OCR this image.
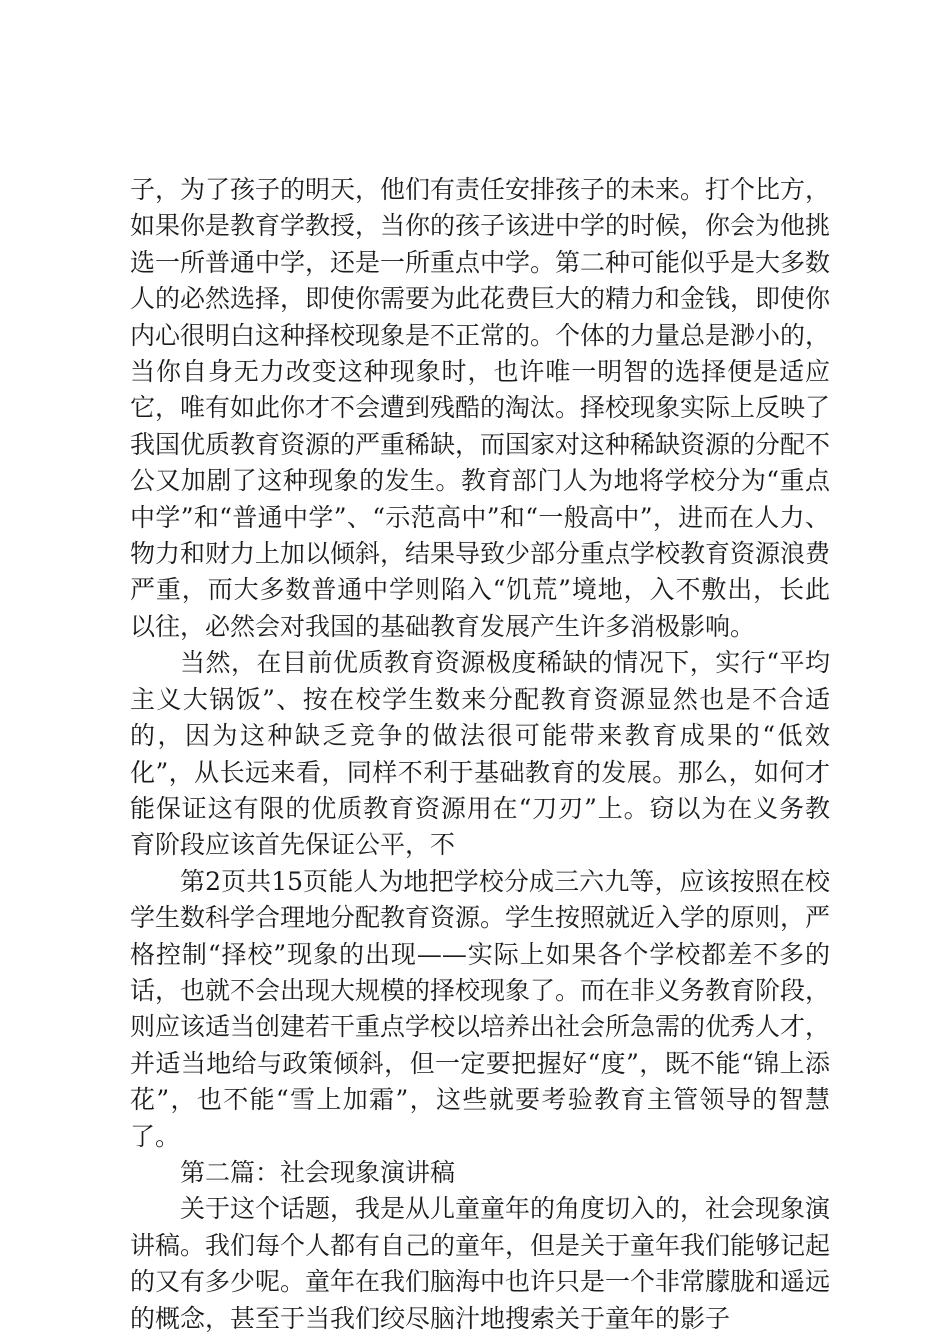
子，为了孩子的明天，他们有责任安排孩子的未来。打个比方，如果你是教育学教授，当你的孩子该进中学的时候，你会为他挑选一所普通中学，还是一所重点中学。第二种可能似乎是大多数人的必然选择，即使你需要为此花费巨大的精力和金钱，即使你内心很明白这种择校现象是不正常的。个体的力量总是渺小的，当你自身无力改变这种现象时，也许唯一明智的选择便是适应它，唯有如此你才不会遭到残酷的淘汰。择校现象实际上反映了我国优质教育资源的严重稀缺，而国家对这种稀缺资源的分配不公又加剧了这种现象的发生。教育部门人为地将学校分为“重点中学”和“普通中学”、“示范高中”和“一般高中”，进而在人力、物力和财力上加以倾斜，结果导致少部分重点学校教育资源浪费严重，而大多数普通中学则陷入“饥荒”境地，入不敷出，长此以往，必然会对我国的基础教育发展产生许多消极影响。

当然，在目前优质教育资源极度稀缺的情况下，实行“平均主义大锅饭”、按在校学生数来分配教育资源显然也是不合适的，因为这种缺乏竞争的做法很可能带来教育成果的“低效化”，从长远来看，同样不利于基础教育的发展。那么，如何才能保证这有限的优质教育资源用在“刀刃”上。窃以为在义务教育阶段应该首先保证公平，不

第2页共15页能人为地把学校分成三六九等，应该按照在校学生数科学合理地分配教育资源。学生按照就近入学的原则，严格控制“择校”现象的出现——实际上如果各个学校都差不多的话，也就不会出现大规模的择校现象了。而在非义务教育阶段，则应该适当创建若干重点学校以培养出社会所急需的优秀人才，并适当地给与政策倾斜，但一定要把握好“度”，既不能“锦上添花”，也不能“雪上加霜”，这些就要考验教育主管领导的智慧了。

第二篇：社会现象演讲稿

关于这个话题，我是从儿童童年的角度切入的，社会现象演讲稿。我们每个人都有自己的童年，但是关于童年我们能够记起的又有多少呢。童年在我们脑海中也许只是一个非常朦胧和遥远的概念，甚至于当我们绞尽脑汁地搜索关于童年的影子
